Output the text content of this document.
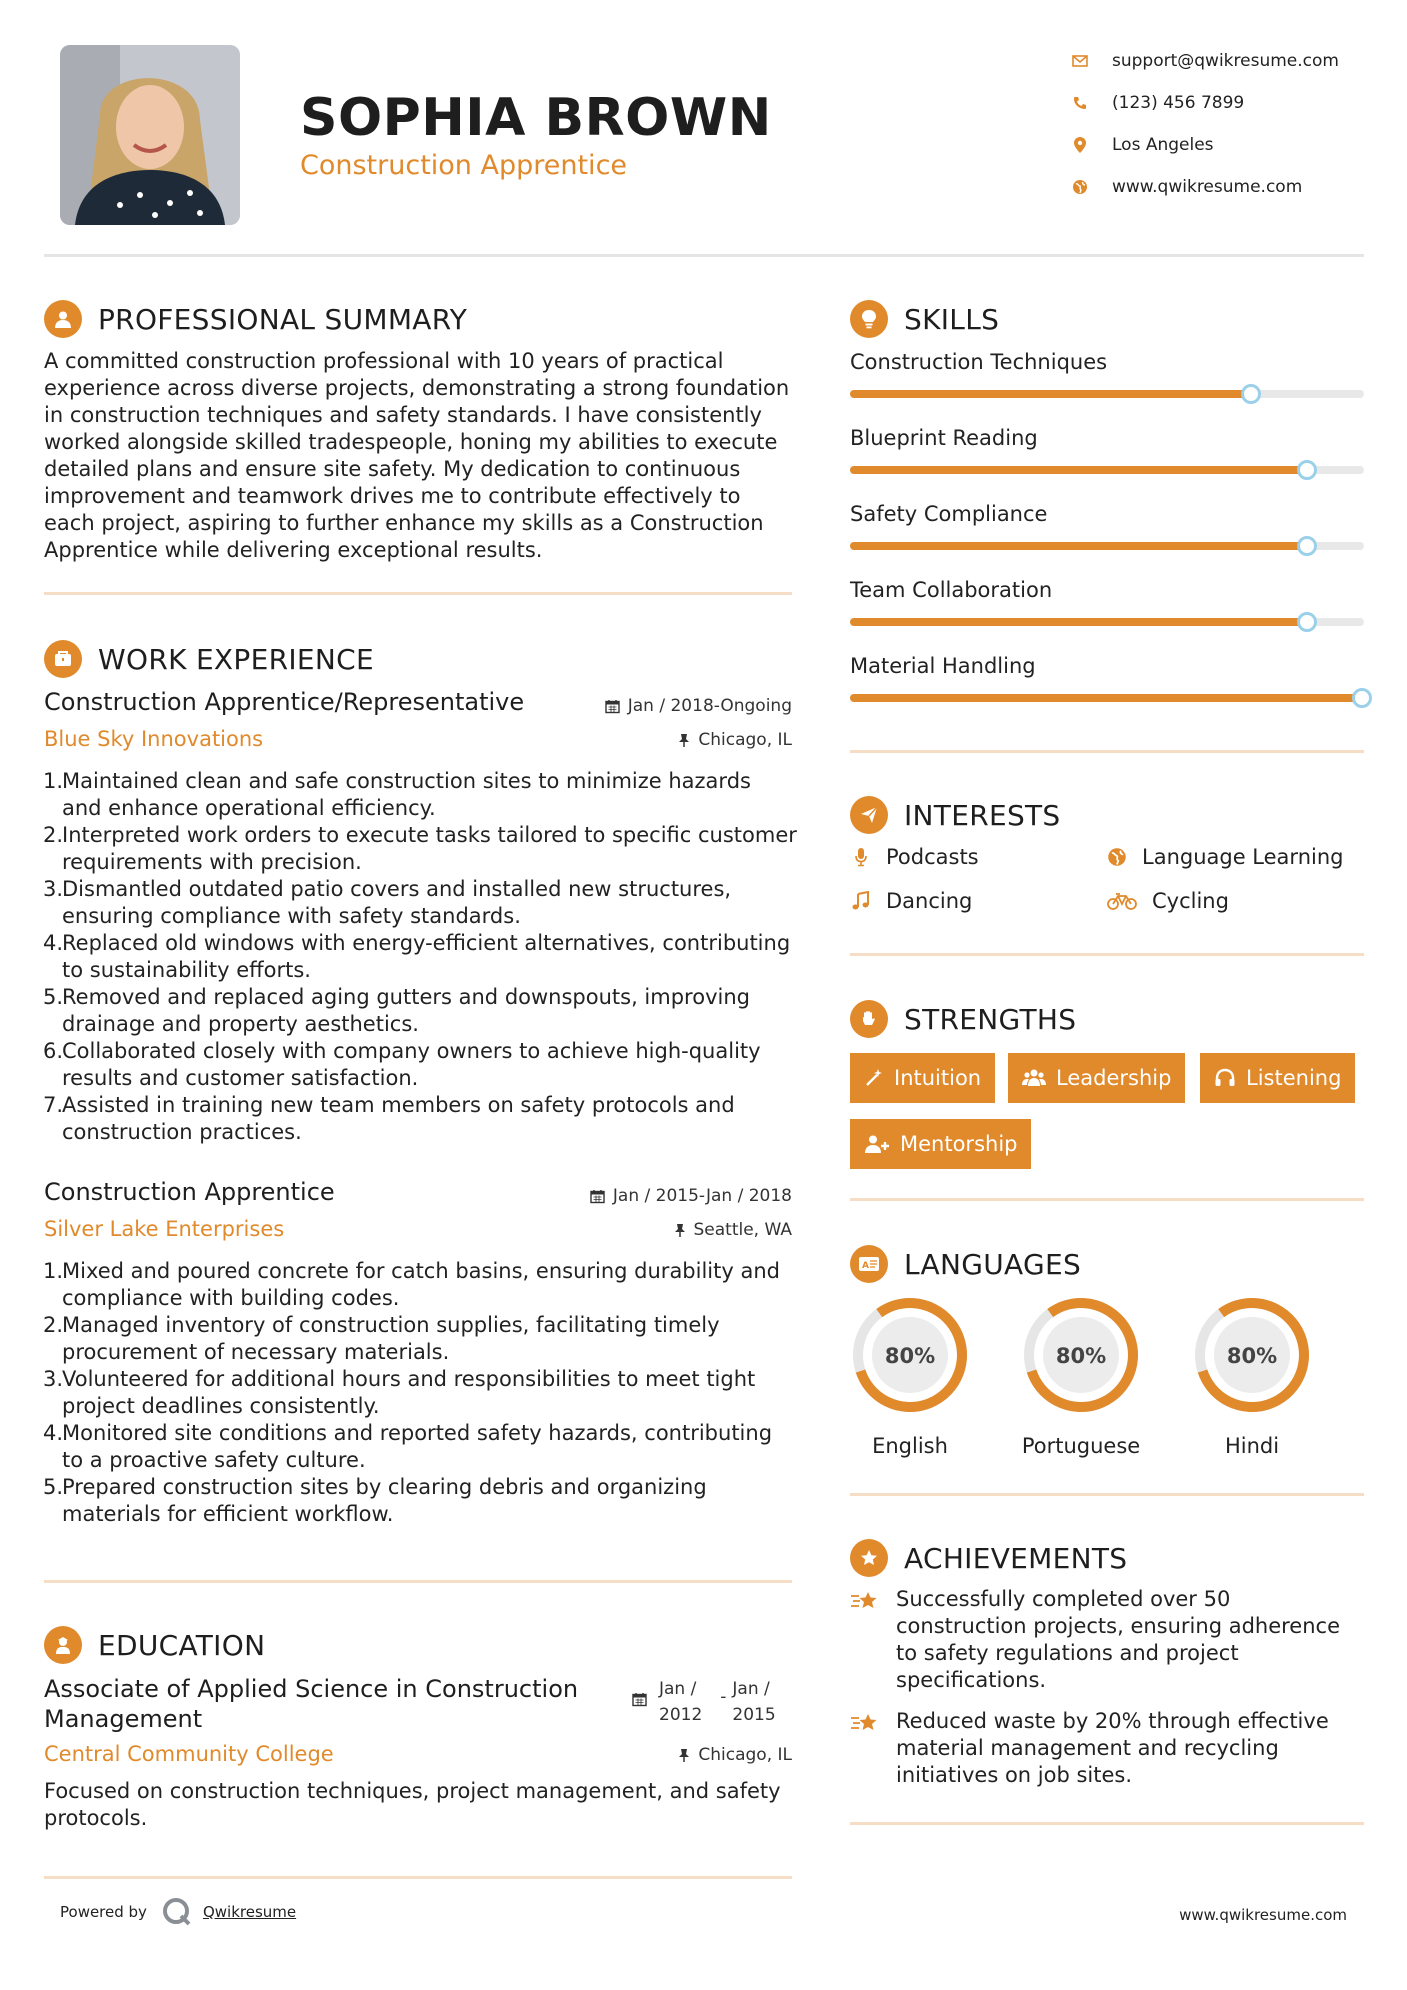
SOPHIA BROWN
Construction Apprentice
support@qwikresume.com
(123) 456 7899
Los Angeles
www.qwikresume.com
PROFESSIONAL SUMMARY
A committed construction professional with 10 years of practical
experience across diverse projects, demonstrating a strong foundation
in construction techniques and safety standards. I have consistently
worked alongside skilled tradespeople, honing my abilities to execute
detailed plans and ensure site safety. My dedication to continuous
improvement and teamwork drives me to contribute effectively to
each project, aspiring to further enhance my skills as a Construction
Apprentice while delivering exceptional results.
WORK EXPERIENCE
Construction Apprentice/Representative	Jan / 2018-Ongoing
Blue Sky Innovations	Chicago, IL
1.
Maintained clean and safe construction sites to minimize hazards
and enhance operational efficiency.
2.
Interpreted work orders to execute tasks tailored to specific customer
requirements with precision.
3.
Dismantled outdated patio covers and installed new structures,
ensuring compliance with safety standards.
4.
Replaced old windows with energy-efficient alternatives, contributing
to sustainability efforts.
5.
Removed and replaced aging gutters and downspouts, improving
drainage and property aesthetics.
6.
Collaborated closely with company owners to achieve high-quality
results and customer satisfaction.
7.
Assisted in training new team members on safety protocols and
construction practices.
Construction Apprentice	Jan / 2015-Jan / 2018
Silver Lake Enterprises	Seattle, WA
1.
Mixed and poured concrete for catch basins, ensuring durability and
compliance with building codes.
2.
Managed inventory of construction supplies, facilitating timely
procurement of necessary materials.
3.
Volunteered for additional hours and responsibilities to meet tight
project deadlines consistently.
4.
Monitored site conditions and reported safety hazards, contributing
to a proactive safety culture.
5.
Prepared construction sites by clearing debris and organizing
materials for efficient workflow.
EDUCATION
Associate of Applied Science in Construction
Management
Jan /
2012
- Jan /
2015
Central Community College	Chicago, IL
Focused on construction techniques, project management, and safety
protocols.
SKILLS
Construction Techniques
Blueprint Reading
Safety Compliance
Team Collaboration
Material Handling
INTERESTS
Podcasts	Language Learning
Dancing	Cycling
STRENGTHS
Intuition	Leadership	Listening
Mentorship
A LANGUAGES
80%
English
80%
Portuguese
80%
Hindi
ACHIEVEMENTS
Successfully completed over 50
construction projects, ensuring adherence
to safety regulations and project
specifications.
Reduced waste by 20% through effective
material management and recycling
initiatives on job sites.
Powered by	Qwikresume	www.qwikresume.com
